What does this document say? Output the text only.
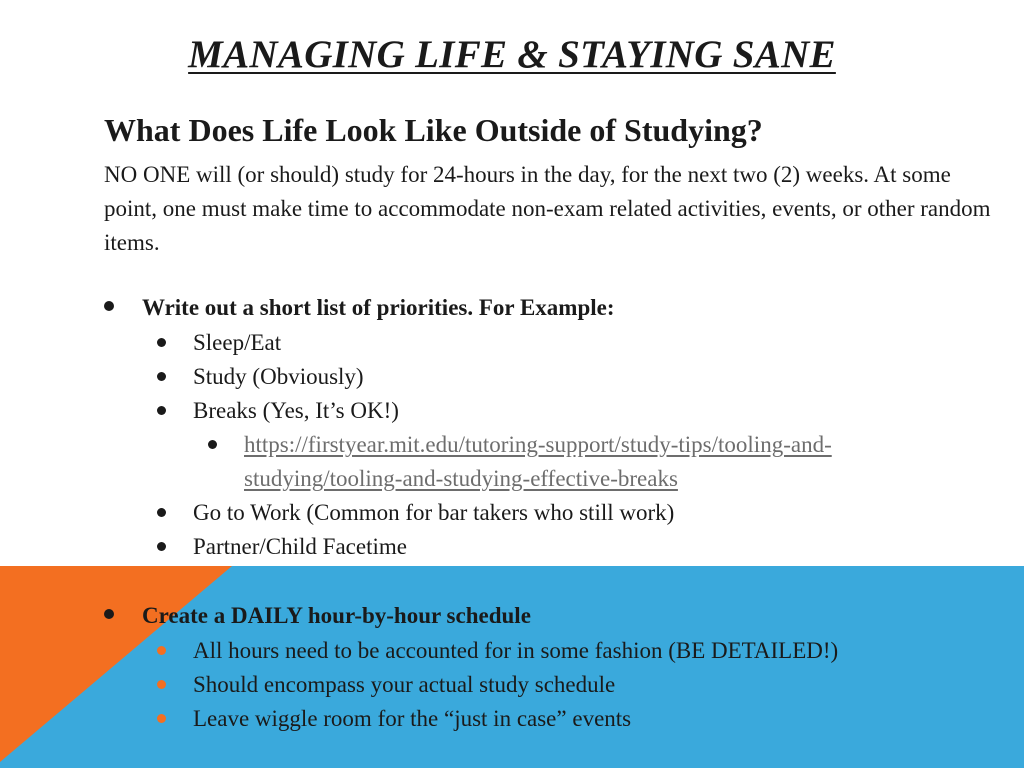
MANAGING LIFE & STAYING SANE
What Does Life Look Like Outside of Studying?

NO ONE will (or should) study for 24-hours in the day, for the next two (2) weeks. At some point, one must make time to accommodate non-exam related activities, events, or other random items.

Write out a short list of priorities. For Example:

Sleep/Eat

Study (Obviously)

Breaks (Yes, It’s OK!)

https://firstyear.mit.edu/tutoring-support/study-tips/tooling-and-
studying/tooling-and-studying-effective-breaks

Go to Work (Common for bar takers who still work)

Partner/Child Facetime

Create a DAILY hour-by-hour schedule

All hours need to be accounted for in some fashion (BE DETAILED!)

Should encompass your actual study schedule

Leave wiggle room for the “just in case” events
